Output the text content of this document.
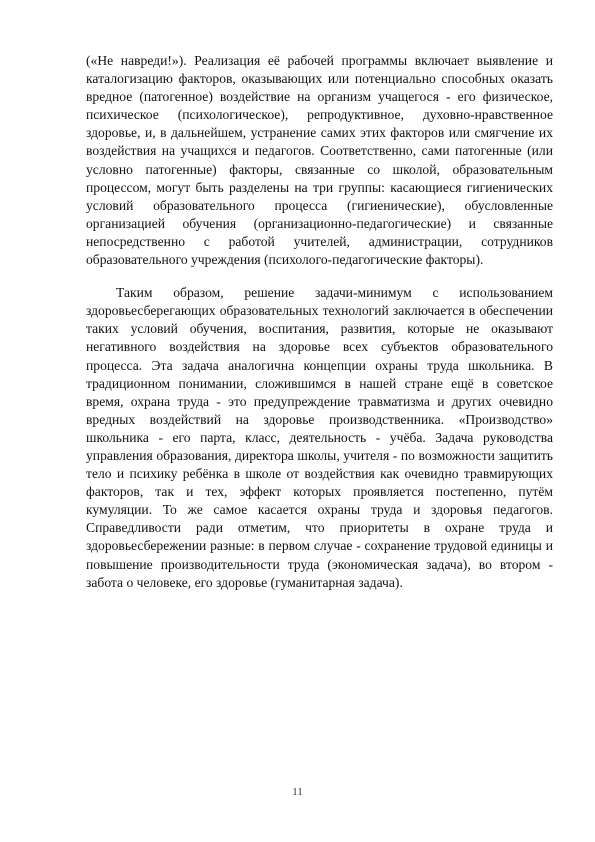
(«Не навреди!»). Реализация её рабочей программы включает выявление и каталогизацию факторов, оказывающих или потенциально способных оказать вредное (патогенное) воздействие на организм учащегося - его физическое, психическое (психологическое), репродуктивное, духовно-нравственное здоровье, и, в дальнейшем, устранение самих этих факторов или смягчение их воздействия на учащихся и педагогов. Соответственно, сами патогенные (или условно патогенные) факторы, связанные со школой, образовательным процессом, могут быть разделены на три группы: касающиеся гигиенических условий образовательного процесса (гигиенические), обусловленные организацией обучения (организационно-педагогические) и связанные непосредственно с работой учителей, администрации, сотрудников образовательного учреждения (психолого-педагогические факторы).

Таким образом, решение задачи-минимум с использованием здоровьесберегающих образовательных технологий заключается в обеспечении таких условий обучения, воспитания, развития, которые не оказывают негативного воздействия на здоровье всех субъектов образовательного процесса. Эта задача аналогична концепции охраны труда школьника. В традиционном понимании, сложившимся в нашей стране ещё в советское время, охрана труда - это предупреждение травматизма и других очевидно вредных воздействий на здоровье производственника. «Производство» школьника - его парта, класс, деятельность - учёба. Задача руководства управления образования, директора школы, учителя - по возможности защитить тело и психику ребёнка в школе от воздействия как очевидно травмирующих факторов, так и тех, эффект которых проявляется постепенно, путём кумуляции. То же самое касается охраны труда и здоровья педагогов. Справедливости ради отметим, что приоритеты в охране труда и здоровьесбережении разные: в первом случае - сохранение трудовой единицы и повышение производительности труда (экономическая задача), во втором - забота о человеке, его здоровье (гуманитарная задача).

11
